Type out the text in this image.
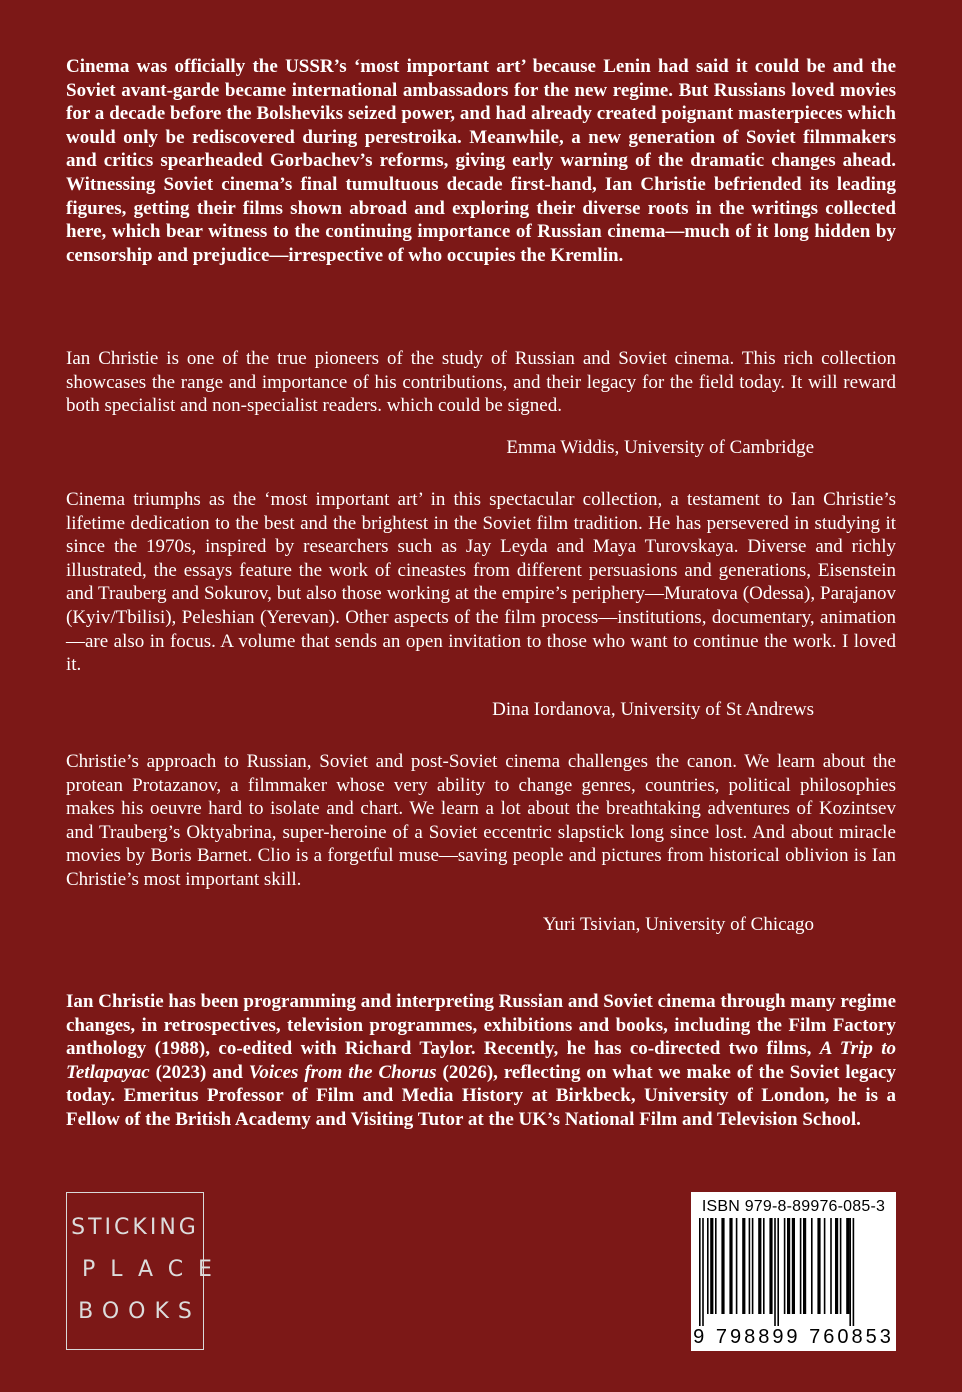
Cinema was officially the USSR’s ‘most important art’ because Lenin had said it could be and the Soviet avant-garde became international ambassadors for the new regime. But Russians loved movies for a decade before the Bolsheviks seized power, and had already created poignant masterpieces which would only be rediscovered during perestroika. Meanwhile, a new generation of Soviet filmmakers and critics spearheaded Gorbachev’s reforms, giving early warning of the dramatic changes ahead. Witnessing Soviet cinema’s final tumultuous decade first-hand, Ian Christie befriended its leading figures, getting their films shown abroad and exploring their diverse roots in the writings collected here, which bear witness to the continuing importance of Russian cinema—much of it long hidden by censorship and prejudice—irrespective of who occupies the Kremlin.

Ian Christie is one of the true pioneers of the study of Russian and Soviet cinema. This rich collection showcases the range and importance of his contributions, and their legacy for the field today. It will reward both specialist and non-specialist readers. which could be signed.

Emma Widdis, University of Cambridge

Cinema triumphs as the ‘most important art’ in this spectacular collection, a testament to Ian Christie’s lifetime dedication to the best and the brightest in the Soviet film tradition. He has persevered in studying it since the 1970s, inspired by researchers such as Jay Leyda and Maya Turovskaya. Diverse and richly illustrated, the essays feature the work of cineastes from different persuasions and generations, Eisenstein and Trauberg and Sokurov, but also those working at the empire’s periphery—Muratova (Odessa), Parajanov (Kyiv/Tbilisi), Peleshian (Yerevan). Other aspects of the film process—institutions, documentary, animation—are also in focus. A volume that sends an open invitation to those who want to continue the work. I loved it.

Dina Iordanova, University of St Andrews

Christie’s approach to Russian, Soviet and post-Soviet cinema challenges the canon. We learn about the protean Protazanov, a filmmaker whose very ability to change genres, countries, political philosophies makes his oeuvre hard to isolate and chart. We learn a lot about the breathtaking adventures of Kozintsev and Trauberg’s Oktyabrina, super-heroine of a Soviet eccentric slapstick long since lost. And about miracle movies by Boris Barnet. Clio is a forgetful muse—saving people and pictures from historical oblivion is Ian Christie’s most important skill.

Yuri Tsivian, University of Chicago

Ian Christie has been programming and interpreting Russian and Soviet cinema through many regime changes, in retrospectives, television programmes, exhibitions and books, including the Film Factory anthology (1988), co-edited with Richard Taylor. Recently, he has co-directed two films, A Trip to Tetlapayac (2023) and Voices from the Chorus (2026), reflecting on what we make of the Soviet legacy today. Emeritus Professor of Film and Media History at Birkbeck, University of London, he is a Fellow of the British Academy and Visiting Tutor at the UK’s National Film and Television School.

STICKING
PLACE
BOOKS
ISBN 979-8-89976-085-3
9 798899 760853
